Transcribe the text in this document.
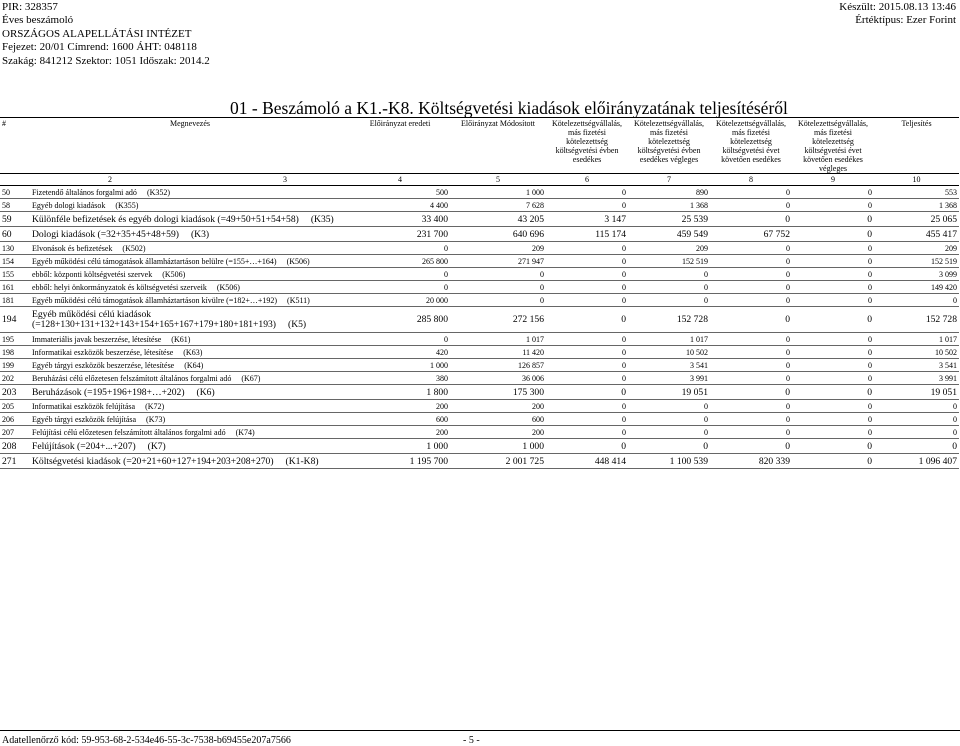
PIR: 328357
Éves beszámoló
ORSZÁGOS ALAPELLÁTÁSI INTÉZET
Fejezet: 20/01 Címrend: 1600 ÁHT: 048118
Szakág: 841212 Szektor: 1051 Időszak: 2014.2
Készült: 2015.08.13 13:46
Értéktípus: Ezer Forint
01 - Beszámoló a K1.-K8. Költségvetési kiadások előirányzatának teljesítéséről
#	Megnevezés		Előirányzat eredeti	Előirányzat Módosított	Kötelezettségvállalás, más fizetési kötelezettség költségvetési évben esedékes	Kötelezettségvállalás, más fizetési kötelezettség költségvetési évben esedékes végleges	Kötelezettségvállalás, más fizetési kötelezettség költségvetési évet követően esedékes	Kötelezettségvállalás, más fizetési kötelezettség költségvetési évet követően esedékes végleges	Teljesítés
2		3	4	5	6	7	8	9	10
50	Fizetendő általános forgalmi adó (K352)		500	1 000	0	890	0	0	553
58	Egyéb dologi kiadások (K355)		4 400	7 628	0	1 368	0	0	1 368
59	Különféle befizetések és egyéb dologi kiadások (=49+50+51+54+58) (K35)		33 400	43 205	3 147	25 539	0	0	25 065
60	Dologi kiadások (=32+35+45+48+59) (K3)		231 700	640 696	115 174	459 549	67 752	0	455 417
130	Elvonások és befizetések (K502)		0	209	0	209	0	0	209
154	Egyéb működési célú támogatások államháztartáson belülre (=155+…+164) (K506)		265 800	271 947	0	152 519	0	0	152 519
155	ebből: központi költségvetési szervek (K506)		0	0	0	0	0	0	3 099
161	ebből: helyi önkormányzatok és költségvetési szerveik (K506)		0	0	0	0	0	0	149 420
181	Egyéb működési célú támogatások államháztartáson kívülre (=182+…+192) (K511)		20 000	0	0	0	0	0	0
194	Egyéb működési célú kiadások (=128+130+131+132+143+154+165+167+179+180+181+193) (K5)		285 800	272 156	0	152 728	0	0	152 728
195	Immateriális javak beszerzése, létesítése (K61)		0	1 017	0	1 017	0	0	1 017
198	Informatikai eszközök beszerzése, létesítése (K63)		420	11 420	0	10 502	0	0	10 502
199	Egyéb tárgyi eszközök beszerzése, létesítése (K64)		1 000	126 857	0	3 541	0	0	3 541
202	Beruházási célú előzetesen felszámított általános forgalmi adó (K67)		380	36 006	0	3 991	0	0	3 991
203	Beruházások (=195+196+198+…+202) (K6)		1 800	175 300	0	19 051	0	0	19 051
205	Informatikai eszközök felújítása (K72)		200	200	0	0	0	0	0
206	Egyéb tárgyi eszközök felújítása (K73)		600	600	0	0	0	0	0
207	Felújítási célú előzetesen felszámított általános forgalmi adó (K74)		200	200	0	0	0	0	0
208	Felújítások (=204+...+207) (K7)		1 000	1 000	0	0	0	0	0
271	Költségvetési kiadások (=20+21+60+127+194+203+208+270) (K1-K8)		1 195 700	2 001 725	448 414	1 100 539	820 339	0	1 096 407
Adatellenőrző kód: 59-953-68-2-534e46-55-3c-7538-b69455e207a7566	- 5 -
